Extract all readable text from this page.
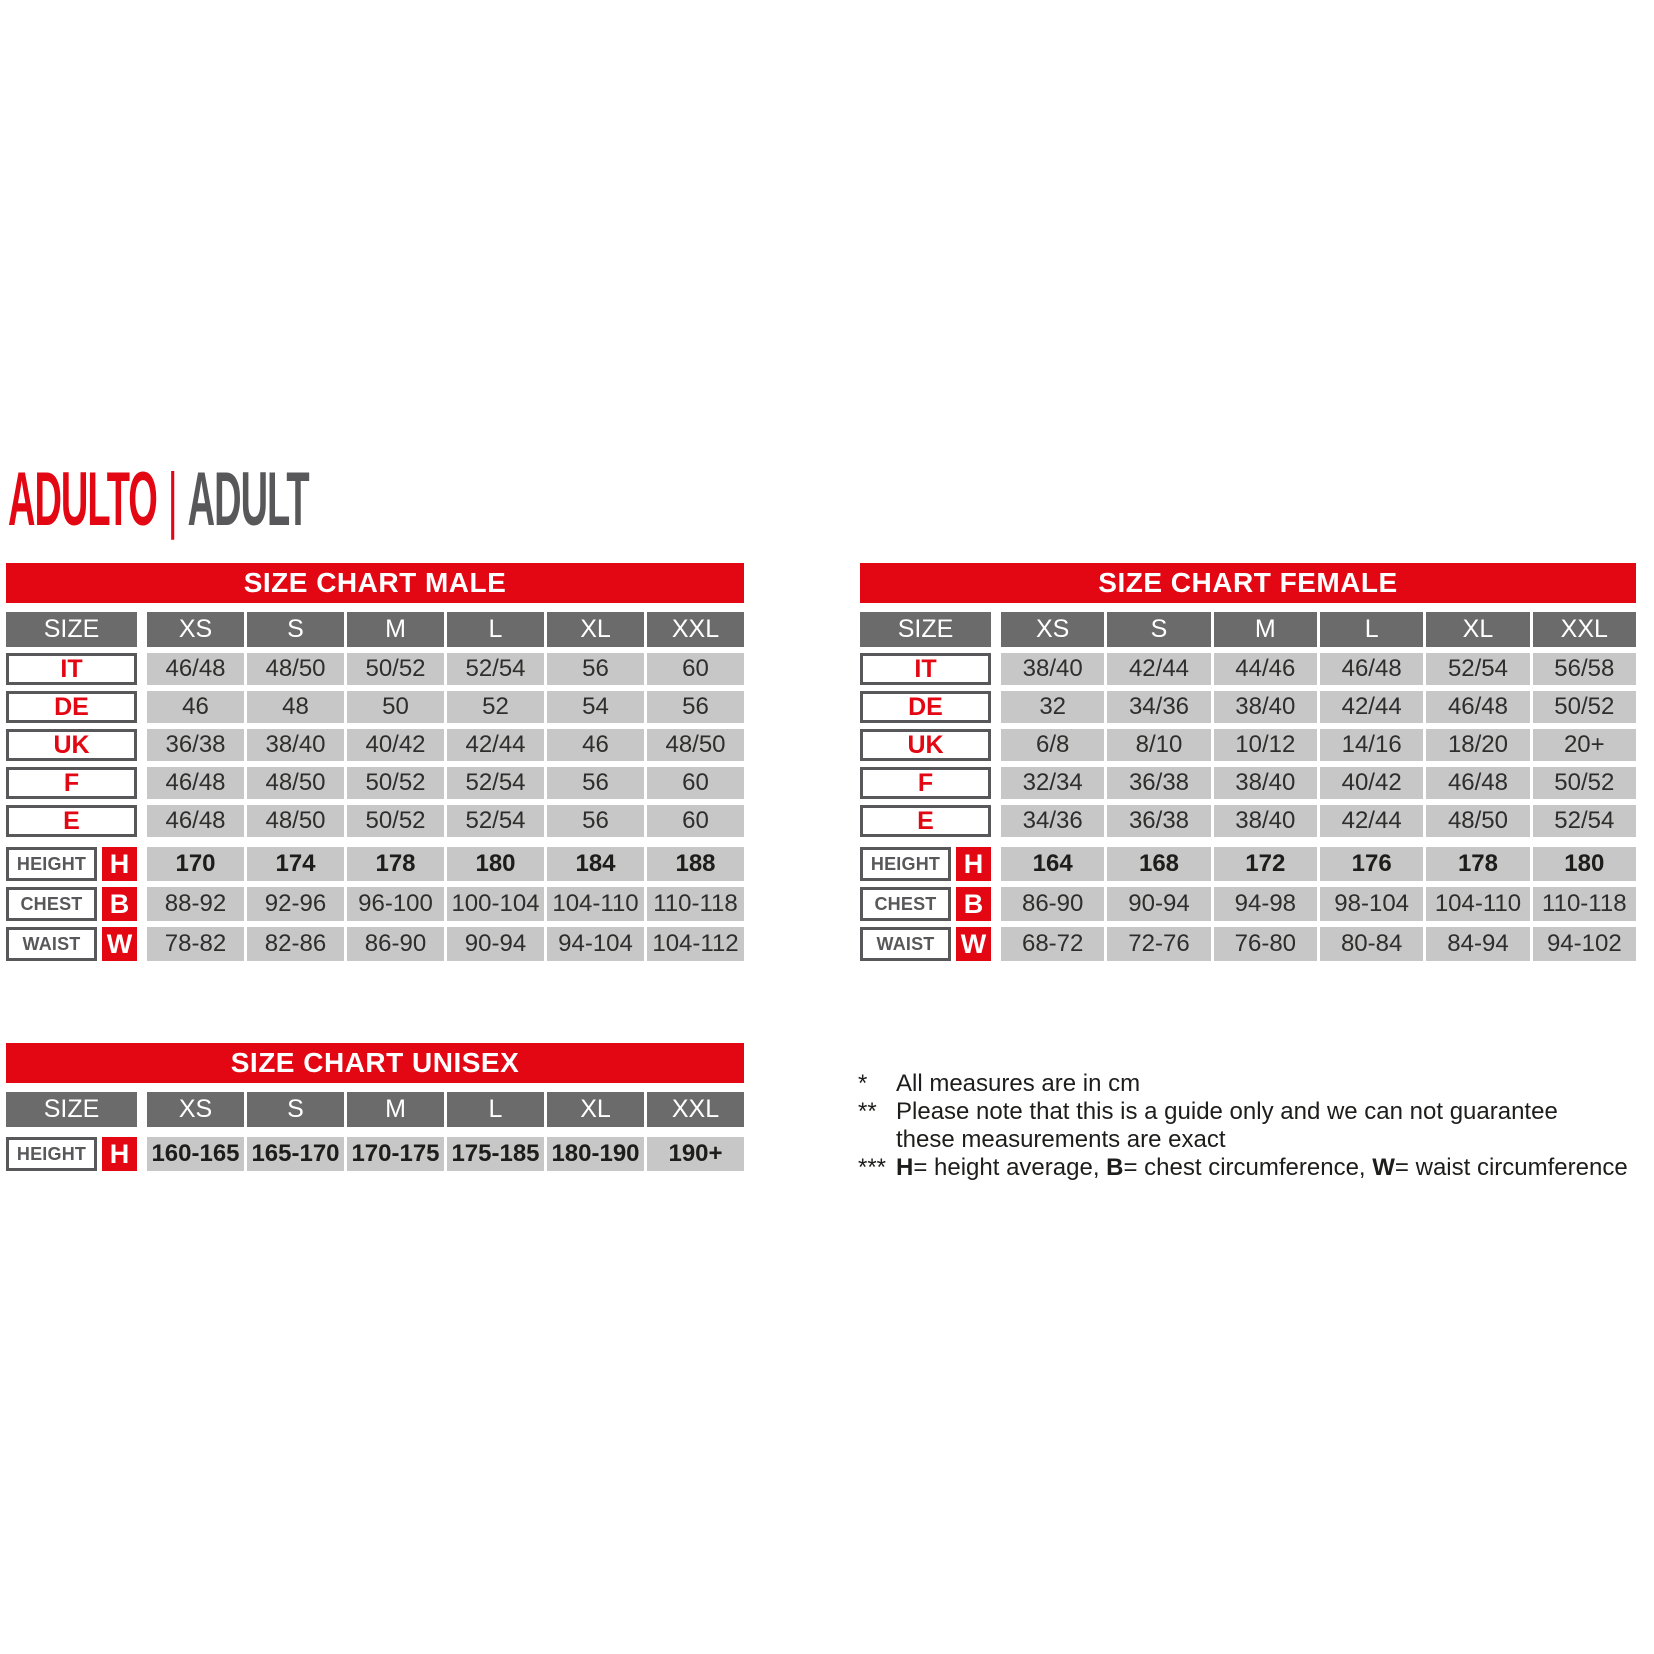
ADULTO | ADULT
SIZE CHART MALE
SIZE	XS	S	M	L	XL	XXL
IT	46/48	48/50	50/52	52/54	56	60
DE	46	48	50	52	54	56
UK	36/38	38/40	40/42	42/44	46	48/50
F	46/48	48/50	50/52	52/54	56	60
E	46/48	48/50	50/52	52/54	56	60
HEIGHT H	170	174	178	180	184	188
CHEST	B	88-92	92-96	96-100 100-104 104-110 110-118
WAIST W	78-82	82-86	86-90	90-94	94-104 104-112
SIZE CHART FEMALE
SIZE	XS	S	M	L	XL	XXL
IT	38/40	42/44	44/46	46/48	52/54	56/58
DE	32	34/36	38/40	42/44	46/48	50/52
UK	6/8	8/10	10/12	14/16	18/20	20+
F	32/34	36/38	38/40	40/42	46/48	50/52
E	34/36	36/38	38/40	42/44	48/50	52/54
HEIGHT H	164	168	172	176	178	180
CHEST	B	86-90	90-94	94-98	98-104	104-110 110-118
WAIST W	68-72	72-76	76-80	80-84	84-94	94-102
SIZE CHART UNISEX
SIZE	XS	S	M	L	XL	XXL
HEIGHT H 160-165 165-170 170-175 175-185 180-190	190+
*	All measures are in cm
** Please note that this is a guide only and we can not guarantee
these measurements are exact
*** H= height average, B= chest circumference, W= waist circumference
